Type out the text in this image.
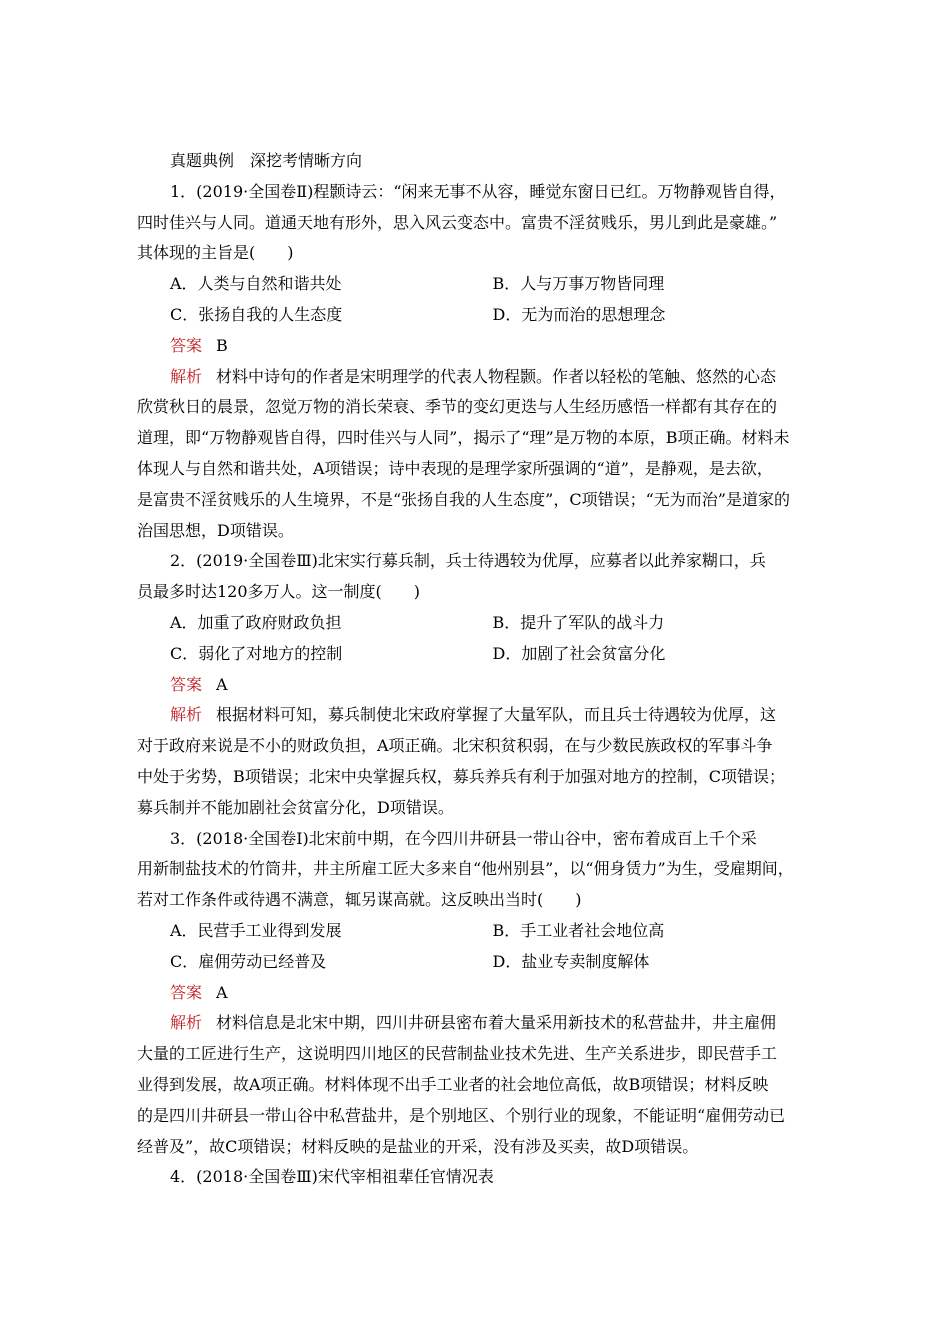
真题典例　深挖考情晰方向

1．(2019·全国卷Ⅱ)程颢诗云：“闲来无事不从容，睡觉东窗日已红。万物静观皆自得，

四时佳兴与人同。道通天地有形外，思入风云变态中。富贵不淫贫贱乐，男儿到此是豪雄。”

其体现的主旨是(　　)

A．人类与自然和谐共处	B．人与万事万物皆同理
C．张扬自我的人生态度	D．无为而治的思想理念

答案 B

解析 材料中诗句的作者是宋明理学的代表人物程颢。作者以轻松的笔触、悠然的心态

欣赏秋日的晨景，忽觉万物的消长荣衰、季节的变幻更迭与人生经历感悟一样都有其存在的

道理，即“万物静观皆自得，四时佳兴与人同”，揭示了“理”是万物的本原，B项正确。材料未

体现人与自然和谐共处，A项错误；诗中表现的是理学家所强调的“道”，是静观，是去欲，

是富贵不淫贫贱乐的人生境界，不是“张扬自我的人生态度”，C项错误；“无为而治”是道家的

治国思想，D项错误。

2．(2019·全国卷Ⅲ)北宋实行募兵制，兵士待遇较为优厚，应募者以此养家糊口，兵

员最多时达120多万人。这一制度(　　)

A．加重了政府财政负担	B．提升了军队的战斗力
C．弱化了对地方的控制	D．加剧了社会贫富分化

答案 A

解析 根据材料可知，募兵制使北宋政府掌握了大量军队，而且兵士待遇较为优厚，这

对于政府来说是不小的财政负担，A项正确。北宋积贫积弱，在与少数民族政权的军事斗争

中处于劣势，B项错误；北宋中央掌握兵权，募兵养兵有利于加强对地方的控制，C项错误；

募兵制并不能加剧社会贫富分化，D项错误。

3．(2018·全国卷Ⅰ)北宋前中期，在今四川井研县一带山谷中，密布着成百上千个采

用新制盐技术的竹筒井，井主所雇工匠大多来自“他州别县”，以“佣身赁力”为生，受雇期间，

若对工作条件或待遇不满意，辄另谋高就。这反映出当时(　　)

A．民营手工业得到发展	B．手工业者社会地位高
C．雇佣劳动已经普及	D．盐业专卖制度解体

答案 A

解析 材料信息是北宋中期，四川井研县密布着大量采用新技术的私营盐井，井主雇佣

大量的工匠进行生产，这说明四川地区的民营制盐业技术先进、生产关系进步，即民营手工

业得到发展，故A项正确。材料体现不出手工业者的社会地位高低，故B项错误；材料反映

的是四川井研县一带山谷中私营盐井，是个别地区、个别行业的现象，不能证明“雇佣劳动已

经普及”，故C项错误；材料反映的是盐业的开采，没有涉及买卖，故D项错误。

4．(2018·全国卷Ⅲ)宋代宰相祖辈任官情况表
